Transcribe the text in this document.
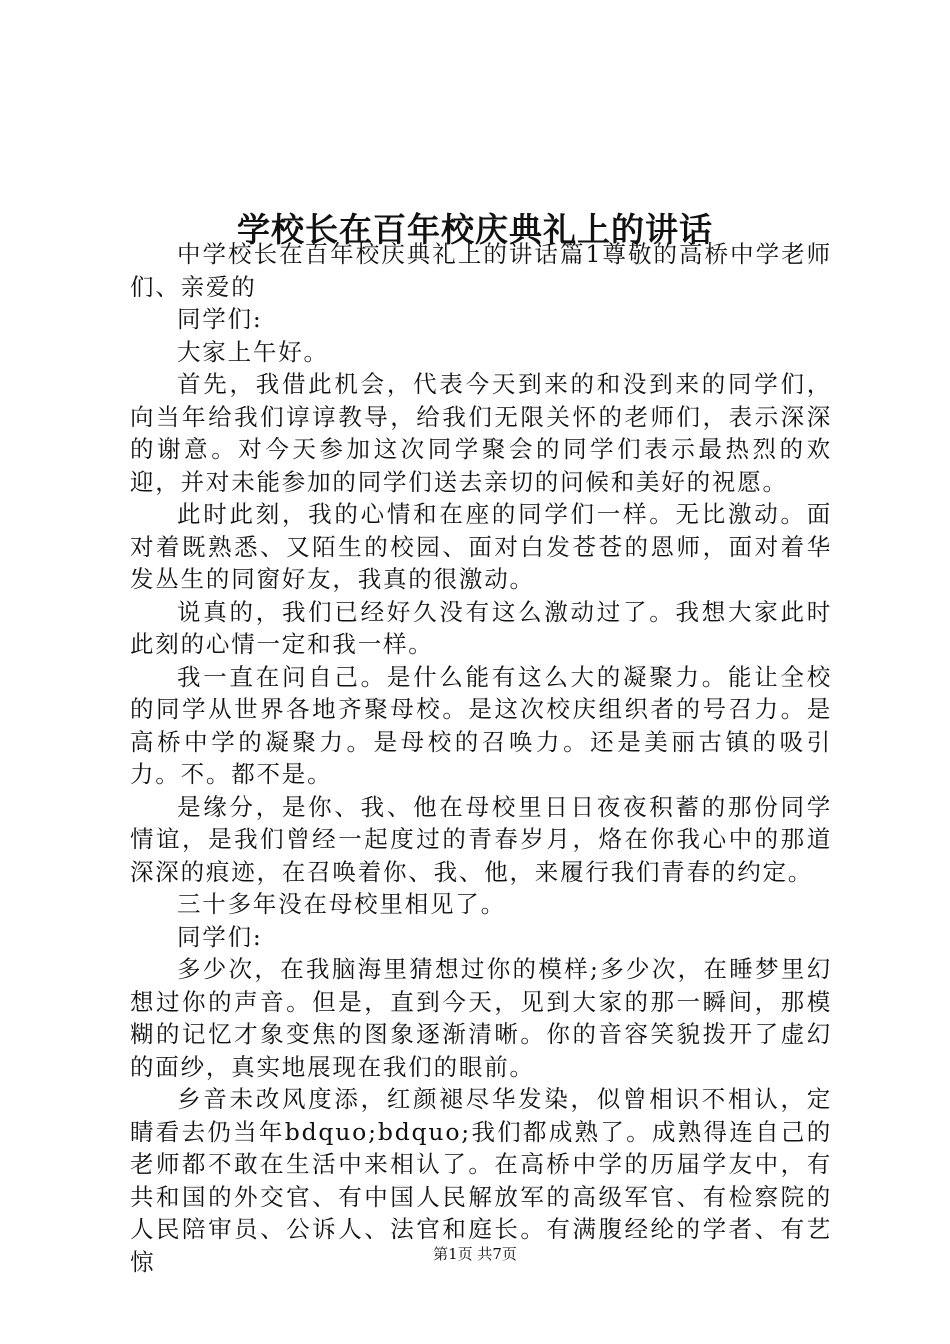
学校长在百年校庆典礼上的讲话

中学校长在百年校庆典礼上的讲话篇1尊敬的高桥中学老师们、亲爱的

同学们:

大家上午好。

首先，我借此机会，代表今天到来的和没到来的同学们，向当年给我们谆谆教导，给我们无限关怀的老师们，表示深深的谢意。对今天参加这次同学聚会的同学们表示最热烈的欢迎，并对未能参加的同学们送去亲切的问候和美好的祝愿。

此时此刻，我的心情和在座的同学们一样。无比激动。面对着既熟悉、又陌生的校园、面对白发苍苍的恩师，面对着华发丛生的同窗好友，我真的很激动。

说真的，我们已经好久没有这么激动过了。我想大家此时此刻的心情一定和我一样。

我一直在问自己。是什么能有这么大的凝聚力。能让全校的同学从世界各地齐聚母校。是这次校庆组织者的号召力。是高桥中学的凝聚力。是母校的召唤力。还是美丽古镇的吸引力。不。都不是。

是缘分，是你、我、他在母校里日日夜夜积蓄的那份同学情谊，是我们曾经一起度过的青春岁月，烙在你我心中的那道深深的痕迹，在召唤着你、我、他，来履行我们青春的约定。

三十多年没在母校里相见了。

同学们:

多少次，在我脑海里猜想过你的模样;多少次，在睡梦里幻想过你的声音。但是，直到今天，见到大家的那一瞬间，那模糊的记忆才象变焦的图象逐渐清晰。你的音容笑貌拨开了虚幻的面纱，真实地展现在我们的眼前。

乡音未改风度添，红颜褪尽华发染，似曾相识不相认，定睛看去仍当年bdquo;bdquo;我们都成熟了。成熟得连自己的老师都不敢在生活中来相认了。在高桥中学的历届学友中，有共和国的外交官、有中国人民解放军的高级军官、有检察院的人民陪审员、公诉人、法官和庭长。有满腹经纶的学者、有艺惊	第1页 共7页
